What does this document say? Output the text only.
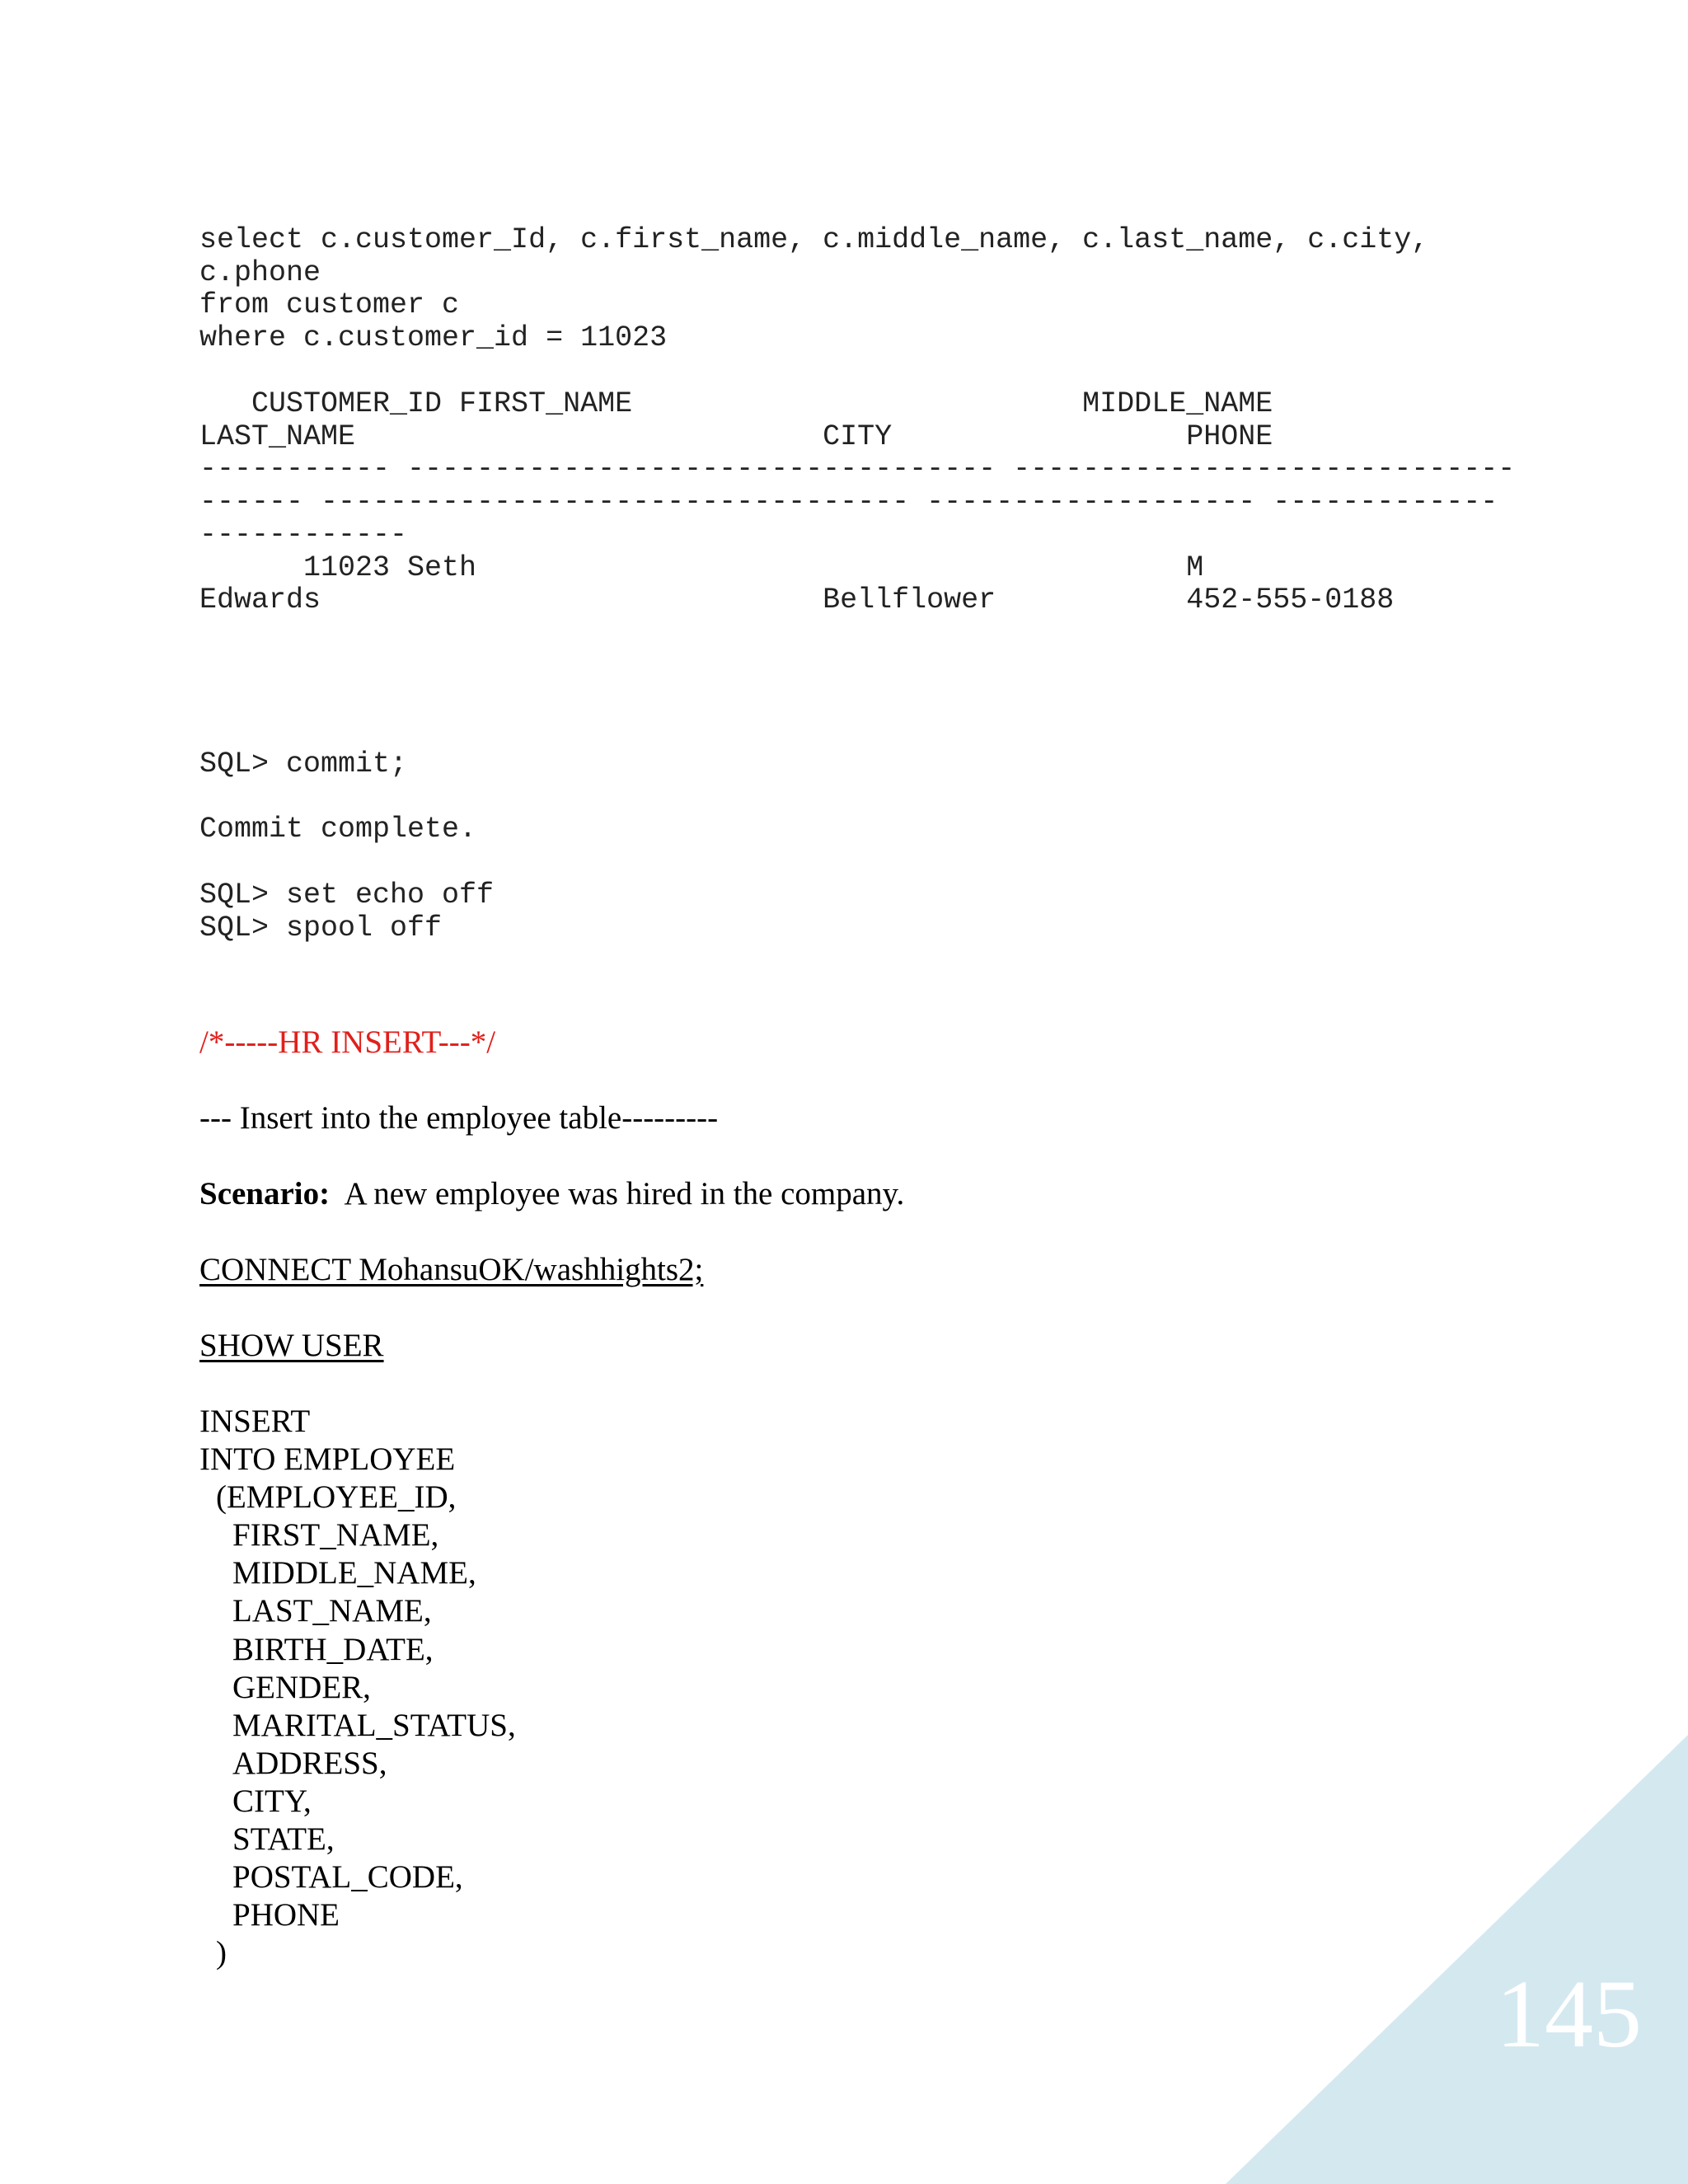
select c.customer_Id, c.first_name, c.middle_name, c.last_name, c.city,
c.phone
from customer c
where c.customer_id = 11023
CUSTOMER_ID FIRST_NAME                          MIDDLE_NAME
LAST_NAME                           CITY                 PHONE
----------- ---------------------------------- -----------------------------
------ ---------------------------------- ------------------- -------------
------------
11023 Seth                                         M
Edwards                             Bellflower           452-555-0188
SQL> commit;

Commit complete.

SQL> set echo off
SQL> spool off
/*-----HR INSERT---*/
--- Insert into the employee table---------
Scenario:  A new employee was hired in the company.
CONNECT MohansuOK/washhights2;
SHOW USER
INSERT
INTO EMPLOYEE
(EMPLOYEE_ID,
FIRST_NAME,
MIDDLE_NAME,
LAST_NAME,
BIRTH_DATE,
GENDER,
MARITAL_STATUS,
ADDRESS,
CITY,
STATE,
POSTAL_CODE,
PHONE
)
145
